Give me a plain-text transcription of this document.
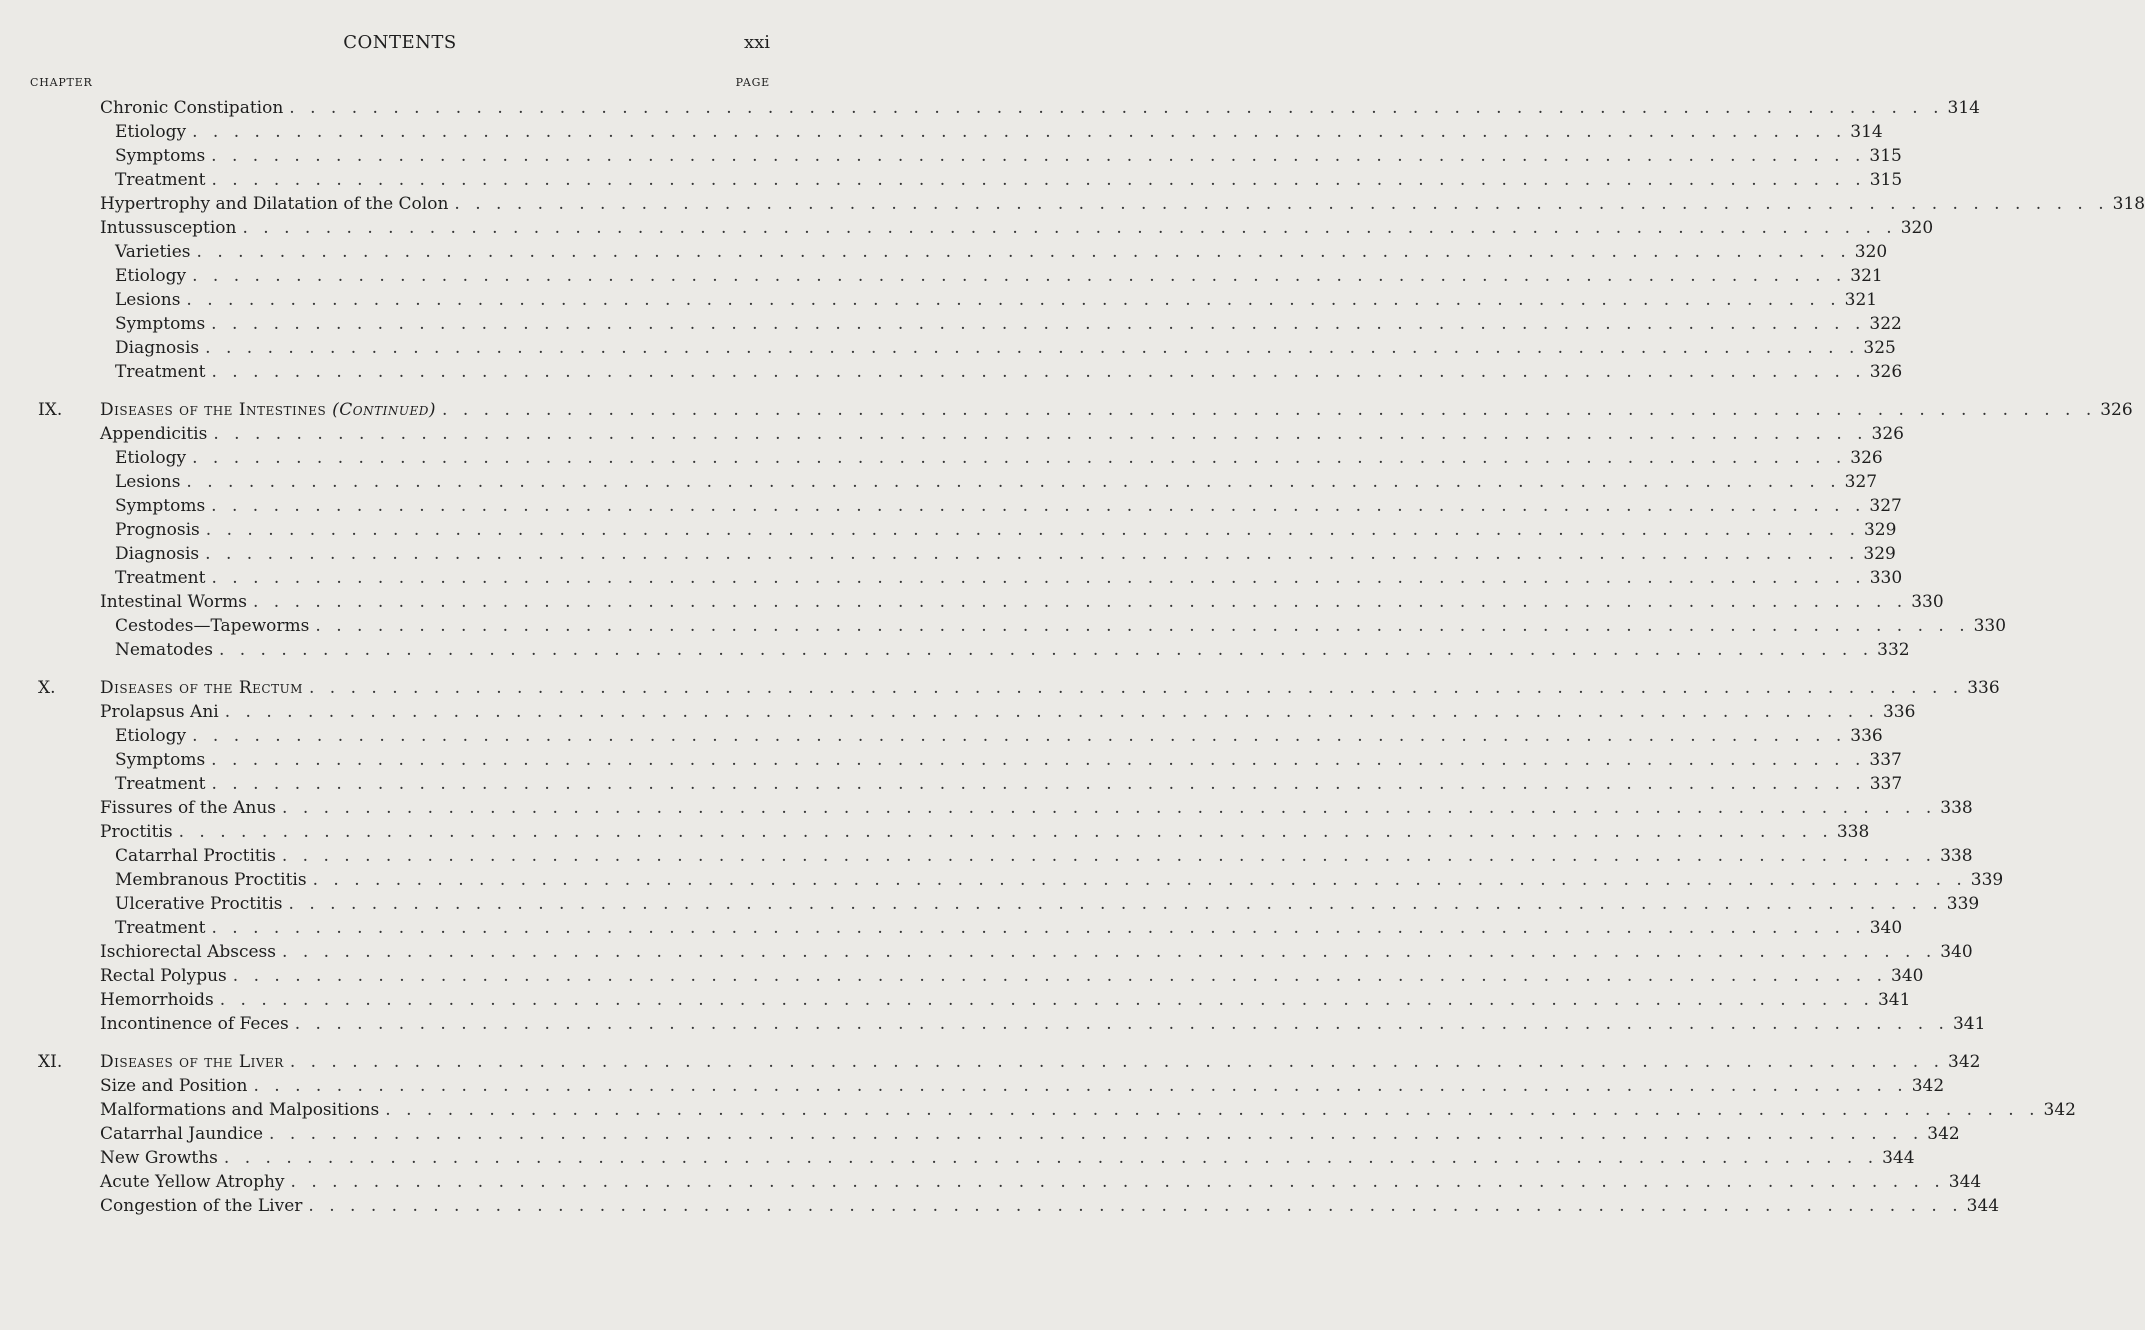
CONTENTS	xxi
CHAPTER	PAGE
Chronic Constipation . . . . . . . . . . . . . . . . . . . . . . . . . . . . . . . . . . . . . . . . . . . . . . . . . . . . . . . . . . . . . . . . . . . . . . . . . . . . . . . . 314
Etiology . . . . . . . . . . . . . . . . . . . . . . . . . . . . . . . . . . . . . . . . . . . . . . . . . . . . . . . . . . . . . . . . . . . . . . . . . . . . . . . . 314
Symptoms . . . . . . . . . . . . . . . . . . . . . . . . . . . . . . . . . . . . . . . . . . . . . . . . . . . . . . . . . . . . . . . . . . . . . . . . . . . . . . . . 315
Treatment . . . . . . . . . . . . . . . . . . . . . . . . . . . . . . . . . . . . . . . . . . . . . . . . . . . . . . . . . . . . . . . . . . . . . . . . . . . . . . . . 315
Hypertrophy and Dilatation of the Colon . . . . . . . . . . . . . . . . . . . . . . . . . . . . . . . . . . . . . . . . . . . . . . . . . . . . . . . . . . . . . . . . . . . . . . . . . . . . . . . . 318
Intussusception . . . . . . . . . . . . . . . . . . . . . . . . . . . . . . . . . . . . . . . . . . . . . . . . . . . . . . . . . . . . . . . . . . . . . . . . . . . . . . . . 320
Varieties . . . . . . . . . . . . . . . . . . . . . . . . . . . . . . . . . . . . . . . . . . . . . . . . . . . . . . . . . . . . . . . . . . . . . . . . . . . . . . . . 320
Etiology . . . . . . . . . . . . . . . . . . . . . . . . . . . . . . . . . . . . . . . . . . . . . . . . . . . . . . . . . . . . . . . . . . . . . . . . . . . . . . . . 321
Lesions . . . . . . . . . . . . . . . . . . . . . . . . . . . . . . . . . . . . . . . . . . . . . . . . . . . . . . . . . . . . . . . . . . . . . . . . . . . . . . . . 321
Symptoms . . . . . . . . . . . . . . . . . . . . . . . . . . . . . . . . . . . . . . . . . . . . . . . . . . . . . . . . . . . . . . . . . . . . . . . . . . . . . . . . 322
Diagnosis . . . . . . . . . . . . . . . . . . . . . . . . . . . . . . . . . . . . . . . . . . . . . . . . . . . . . . . . . . . . . . . . . . . . . . . . . . . . . . . . 325
Treatment . . . . . . . . . . . . . . . . . . . . . . . . . . . . . . . . . . . . . . . . . . . . . . . . . . . . . . . . . . . . . . . . . . . . . . . . . . . . . . . . 326
IX.	Diseases of the Intestines (Continued) . . . . . . . . . . . . . . . . . . . . . . . . . . . . . . . . . . . . . . . . . . . . . . . . . . . . . . . . . . . . . . . . . . . . . . . . . . . . . . . . 326
Appendicitis . . . . . . . . . . . . . . . . . . . . . . . . . . . . . . . . . . . . . . . . . . . . . . . . . . . . . . . . . . . . . . . . . . . . . . . . . . . . . . . . 326
Etiology . . . . . . . . . . . . . . . . . . . . . . . . . . . . . . . . . . . . . . . . . . . . . . . . . . . . . . . . . . . . . . . . . . . . . . . . . . . . . . . . 326
Lesions . . . . . . . . . . . . . . . . . . . . . . . . . . . . . . . . . . . . . . . . . . . . . . . . . . . . . . . . . . . . . . . . . . . . . . . . . . . . . . . . 327
Symptoms . . . . . . . . . . . . . . . . . . . . . . . . . . . . . . . . . . . . . . . . . . . . . . . . . . . . . . . . . . . . . . . . . . . . . . . . . . . . . . . . 327
Prognosis . . . . . . . . . . . . . . . . . . . . . . . . . . . . . . . . . . . . . . . . . . . . . . . . . . . . . . . . . . . . . . . . . . . . . . . . . . . . . . . . 329
Diagnosis . . . . . . . . . . . . . . . . . . . . . . . . . . . . . . . . . . . . . . . . . . . . . . . . . . . . . . . . . . . . . . . . . . . . . . . . . . . . . . . . 329
Treatment . . . . . . . . . . . . . . . . . . . . . . . . . . . . . . . . . . . . . . . . . . . . . . . . . . . . . . . . . . . . . . . . . . . . . . . . . . . . . . . . 330
Intestinal Worms . . . . . . . . . . . . . . . . . . . . . . . . . . . . . . . . . . . . . . . . . . . . . . . . . . . . . . . . . . . . . . . . . . . . . . . . . . . . . . . . 330
Cestodes—Tapeworms . . . . . . . . . . . . . . . . . . . . . . . . . . . . . . . . . . . . . . . . . . . . . . . . . . . . . . . . . . . . . . . . . . . . . . . . . . . . . . . . 330
Nematodes . . . . . . . . . . . . . . . . . . . . . . . . . . . . . . . . . . . . . . . . . . . . . . . . . . . . . . . . . . . . . . . . . . . . . . . . . . . . . . . . 332
X.	Diseases of the Rectum . . . . . . . . . . . . . . . . . . . . . . . . . . . . . . . . . . . . . . . . . . . . . . . . . . . . . . . . . . . . . . . . . . . . . . . . . . . . . . . . 336
Prolapsus Ani . . . . . . . . . . . . . . . . . . . . . . . . . . . . . . . . . . . . . . . . . . . . . . . . . . . . . . . . . . . . . . . . . . . . . . . . . . . . . . . . 336
Etiology . . . . . . . . . . . . . . . . . . . . . . . . . . . . . . . . . . . . . . . . . . . . . . . . . . . . . . . . . . . . . . . . . . . . . . . . . . . . . . . . 336
Symptoms . . . . . . . . . . . . . . . . . . . . . . . . . . . . . . . . . . . . . . . . . . . . . . . . . . . . . . . . . . . . . . . . . . . . . . . . . . . . . . . . 337
Treatment . . . . . . . . . . . . . . . . . . . . . . . . . . . . . . . . . . . . . . . . . . . . . . . . . . . . . . . . . . . . . . . . . . . . . . . . . . . . . . . . 337
Fissures of the Anus . . . . . . . . . . . . . . . . . . . . . . . . . . . . . . . . . . . . . . . . . . . . . . . . . . . . . . . . . . . . . . . . . . . . . . . . . . . . . . . . 338
Proctitis . . . . . . . . . . . . . . . . . . . . . . . . . . . . . . . . . . . . . . . . . . . . . . . . . . . . . . . . . . . . . . . . . . . . . . . . . . . . . . . . 338
Catarrhal Proctitis . . . . . . . . . . . . . . . . . . . . . . . . . . . . . . . . . . . . . . . . . . . . . . . . . . . . . . . . . . . . . . . . . . . . . . . . . . . . . . . . 338
Membranous Proctitis . . . . . . . . . . . . . . . . . . . . . . . . . . . . . . . . . . . . . . . . . . . . . . . . . . . . . . . . . . . . . . . . . . . . . . . . . . . . . . . . 339
Ulcerative Proctitis . . . . . . . . . . . . . . . . . . . . . . . . . . . . . . . . . . . . . . . . . . . . . . . . . . . . . . . . . . . . . . . . . . . . . . . . . . . . . . . . 339
Treatment . . . . . . . . . . . . . . . . . . . . . . . . . . . . . . . . . . . . . . . . . . . . . . . . . . . . . . . . . . . . . . . . . . . . . . . . . . . . . . . . 340
Ischiorectal Abscess . . . . . . . . . . . . . . . . . . . . . . . . . . . . . . . . . . . . . . . . . . . . . . . . . . . . . . . . . . . . . . . . . . . . . . . . . . . . . . . . 340
Rectal Polypus . . . . . . . . . . . . . . . . . . . . . . . . . . . . . . . . . . . . . . . . . . . . . . . . . . . . . . . . . . . . . . . . . . . . . . . . . . . . . . . . 340
Hemorrhoids . . . . . . . . . . . . . . . . . . . . . . . . . . . . . . . . . . . . . . . . . . . . . . . . . . . . . . . . . . . . . . . . . . . . . . . . . . . . . . . . 341
Incontinence of Feces . . . . . . . . . . . . . . . . . . . . . . . . . . . . . . . . . . . . . . . . . . . . . . . . . . . . . . . . . . . . . . . . . . . . . . . . . . . . . . . . 341
XI.	Diseases of the Liver . . . . . . . . . . . . . . . . . . . . . . . . . . . . . . . . . . . . . . . . . . . . . . . . . . . . . . . . . . . . . . . . . . . . . . . . . . . . . . . . 342
Size and Position . . . . . . . . . . . . . . . . . . . . . . . . . . . . . . . . . . . . . . . . . . . . . . . . . . . . . . . . . . . . . . . . . . . . . . . . . . . . . . . . 342
Malformations and Malpositions . . . . . . . . . . . . . . . . . . . . . . . . . . . . . . . . . . . . . . . . . . . . . . . . . . . . . . . . . . . . . . . . . . . . . . . . . . . . . . . . 342
Catarrhal Jaundice . . . . . . . . . . . . . . . . . . . . . . . . . . . . . . . . . . . . . . . . . . . . . . . . . . . . . . . . . . . . . . . . . . . . . . . . . . . . . . . . 342
New Growths . . . . . . . . . . . . . . . . . . . . . . . . . . . . . . . . . . . . . . . . . . . . . . . . . . . . . . . . . . . . . . . . . . . . . . . . . . . . . . . . 344
Acute Yellow Atrophy . . . . . . . . . . . . . . . . . . . . . . . . . . . . . . . . . . . . . . . . . . . . . . . . . . . . . . . . . . . . . . . . . . . . . . . . . . . . . . . . 344
Congestion of the Liver . . . . . . . . . . . . . . . . . . . . . . . . . . . . . . . . . . . . . . . . . . . . . . . . . . . . . . . . . . . . . . . . . . . . . . . . . . . . . . . . 344
